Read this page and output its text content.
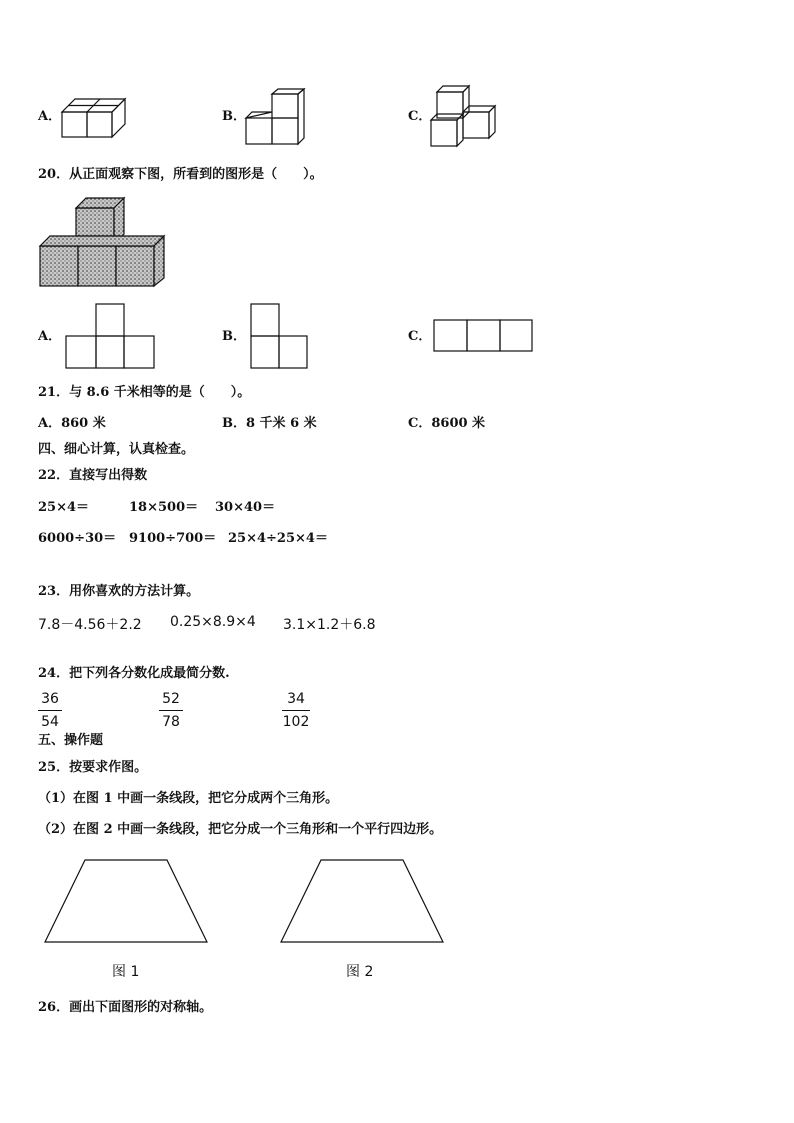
A．	B．	C．
20．从正面观察下图，所看到的图形是（　　）。
A．	B．	C．
21．与 8.6 千米相等的是（　　）。
A．860 米	B．8 千米 6 米	C．8600 米
四、细心计算，认真检查。
22．直接写出得数
25×4＝	18×500＝ 30×40＝
6000÷30＝ 9100÷700＝ 25×4÷25×4＝
23．用你喜欢的方法计算。
7.8－4.56＋2.2 0.25×8.9×4 3.1×1.2＋6.8
24．把下列各分数化成最简分数.
36
54
52
78
34
102
五、操作题
25．按要求作图。
（1）在图 1 中画一条线段，把它分成两个三角形。
（2）在图 2 中画一条线段，把它分成一个三角形和一个平行四边形。
图 1	图 2
26．画出下面图形的对称轴。
